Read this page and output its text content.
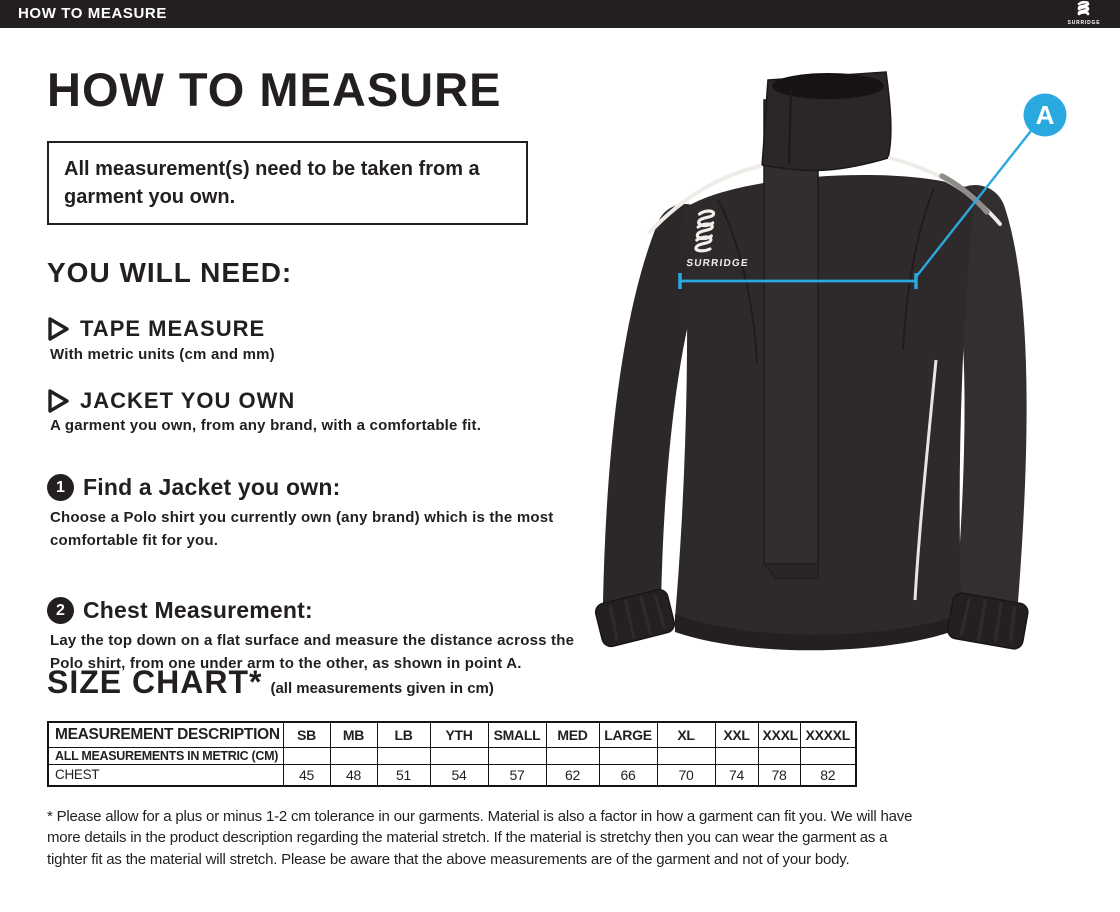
HOW TO MEASURE
SURRIDGE
HOW TO MEASURE
All measurement(s) need to be taken from a garment you own.
YOU WILL NEED:
TAPE MEASURE
With metric units (cm and mm)
JACKET YOU OWN
A garment you own, from any brand, with a comfortable fit.
1 Find a Jacket you own:
Choose a Polo shirt you currently own (any brand) which is the most comfortable fit for you.
2 Chest Measurement:
Lay the top down on a flat surface and measure the distance across the Polo shirt, from one under arm to the other, as shown in point A.
SIZE CHART* (all measurements given in cm)
MEASUREMENT DESCRIPTION	SB	MB	LB	YTH	SMALL	MED	LARGE	XL	XXL	XXXL	XXXXL
ALL MEASUREMENTS IN METRIC (CM)											
CHEST	45	48	51	54	57	62	66	70	74	78	82
* Please allow for a plus or minus 1-2 cm tolerance in our garments. Material is also a factor in how a garment can fit you. We will have more details in the product description regarding the material stretch. If the material is stretchy then you can wear the garment as a tighter fit as the material will stretch. Please be aware that the above measurements are of the garment and not of your body.
SURRIDGE
A
